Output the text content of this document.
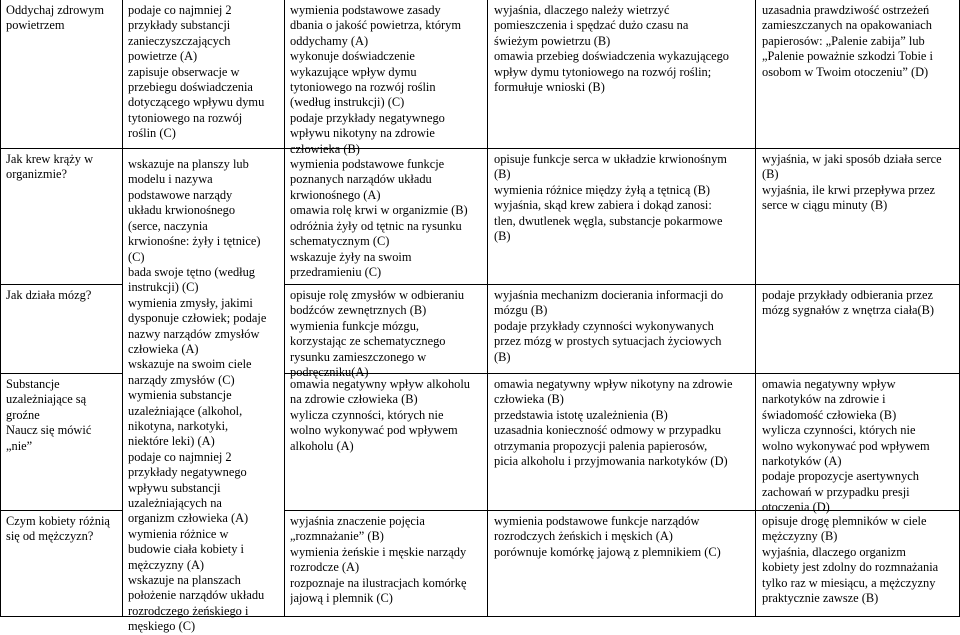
Oddychaj zdrowym powietrzem

Jak krew krąży w organizmie?

Jak działa mózg?

Substancje uzależniające są groźne

Naucz się mówić „nie”

Czym kobiety różnią się od mężczyzn?

podaje co najmniej 2

przykłady substancji

zanieczyszczających

powietrze (A)

zapisuje obserwacje w

przebiegu doświadczenia

dotyczącego wpływu dymu

tytoniowego na rozwój

roślin (C)

wskazuje na planszy lub

modelu i nazywa

podstawowe narządy

układu krwionośnego

(serce, naczynia

krwionośne: żyły i tętnice)

(C)

bada swoje tętno (według

instrukcji) (C)

wymienia zmysły, jakimi

dysponuje człowiek; podaje

nazwy narządów zmysłów

człowieka (A)

wskazuje na swoim ciele

narządy zmysłów (C)

wymienia substancje

uzależniające (alkohol,

nikotyna, narkotyki,

niektóre leki) (A)

podaje co najmniej 2

przykłady negatywnego

wpływu substancji

uzależniających na

organizm człowieka (A)

wymienia różnice w

budowie ciała kobiety i

mężczyzny (A)

wskazuje na planszach

położenie narządów układu

rozrodczego żeńskiego i

męskiego (C)

wymienia podstawowe zasady

dbania o jakość powietrza, którym

oddychamy (A)

wykonuje doświadczenie

wykazujące wpływ dymu

tytoniowego na rozwój roślin

(według instrukcji) (C)

podaje przykłady negatywnego

wpływu nikotyny na zdrowie

człowieka (B)

wymienia podstawowe funkcje

poznanych narządów układu

krwionośnego (A)

omawia rolę krwi w organizmie (B)

odróżnia żyły od tętnic na rysunku

schematycznym (C)

wskazuje żyły na swoim

przedramieniu (C)

opisuje rolę zmysłów w odbieraniu

bodźców zewnętrznych (B)

wymienia funkcje mózgu,

korzystając ze schematycznego

rysunku zamieszczonego w

podręczniku(A)

omawia negatywny wpływ alkoholu

na zdrowie człowieka (B)

wylicza czynności, których nie

wolno wykonywać pod wpływem

alkoholu (A)

wyjaśnia znaczenie pojęcia

„rozmnażanie” (B)

wymienia żeńskie i męskie narządy

rozrodcze (A)

rozpoznaje na ilustracjach komórkę

jajową i plemnik (C)

wyjaśnia, dlaczego należy wietrzyć

pomieszczenia i spędzać dużo czasu na

świeżym powietrzu (B)

omawia przebieg doświadczenia wykazującego

wpływ dymu tytoniowego na rozwój roślin;

formułuje wnioski (B)

opisuje funkcje serca w układzie krwionośnym

(B)

wymienia różnice między żyłą a tętnicą (B)

wyjaśnia, skąd krew zabiera i dokąd zanosi:

tlen, dwutlenek węgla, substancje pokarmowe

(B)

wyjaśnia mechanizm docierania informacji do

mózgu (B)

podaje przykłady czynności wykonywanych

przez mózg w prostych sytuacjach życiowych

(B)

omawia negatywny wpływ nikotyny na zdrowie

człowieka (B)

przedstawia istotę uzależnienia (B)

uzasadnia konieczność odmowy w przypadku

otrzymania propozycji palenia papierosów,

picia alkoholu i przyjmowania narkotyków (D)

wymienia podstawowe funkcje narządów

rozrodczych żeńskich i męskich (A)

porównuje komórkę jajową z plemnikiem (C)

uzasadnia prawdziwość ostrzeżeń

zamieszczanych na opakowaniach

papierosów: „Palenie zabija” lub

„Palenie poważnie szkodzi Tobie i

osobom w Twoim otoczeniu” (D)

wyjaśnia, w jaki sposób działa serce

(B)

wyjaśnia, ile krwi przepływa przez

serce w ciągu minuty (B)

podaje przykłady odbierania przez

mózg sygnałów z wnętrza ciała(B)

omawia negatywny wpływ

narkotyków na zdrowie i

świadomość człowieka (B)

wylicza czynności, których nie

wolno wykonywać pod wpływem

narkotyków (A)

podaje propozycje asertywnych

zachowań w przypadku presji

otoczenia (D)

opisuje drogę plemników w ciele

mężczyzny (B)

wyjaśnia, dlaczego organizm

kobiety jest zdolny do rozmnażania

tylko raz w miesiącu, a mężczyzny

praktycznie zawsze (B)
